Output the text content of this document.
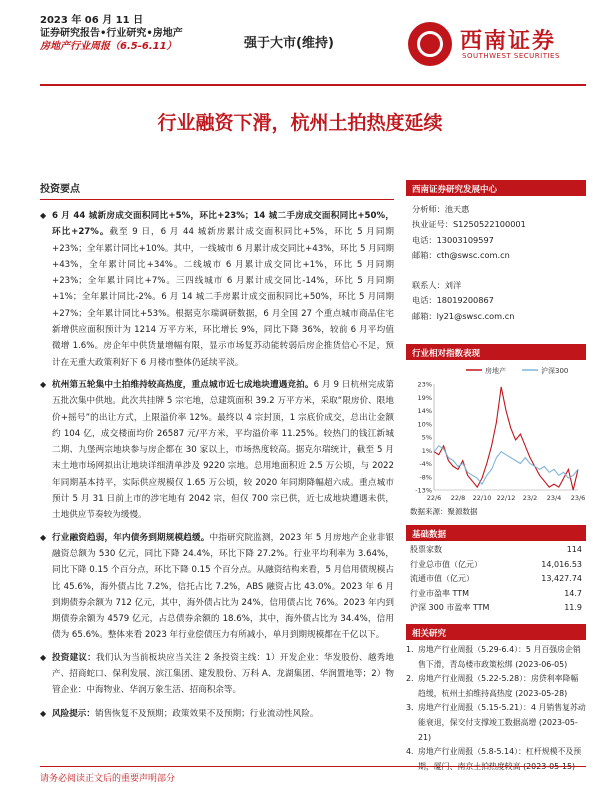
2023 年 06 月 11 日
证券研究报告•行业研究•房地产
房地产行业周报（6.5-6.11）	强于大市(维持)	西南证券
SOUTHWEST SECURITIES
行业融资下滑，杭州土拍热度延续
投资要点
◆ 6 月 44 城新房成交面积同比+5%，环比+23%；14 城二手房成交面积同比+50%，环比+27%。截至 9 日，6 月 44 城新房累计成交面积同比+5%，环比 5 月同期+23%；全年累计同比+10%。其中，一线城市 6 月累计成交同比+43%，环比 5 月同期+43%，全年累计同比+34%。二线城市 6 月累计成交同比+1%，环比 5 月同期+23%；全年累计同比+7%。三四线城市 6 月累计成交同比-14%，环比 5 月同期+1%；全年累计同比-2%。6 月 14 城二手房累计成交面积同比+50%，环比 5 月同期+27%；全年累计同比+53%。根据克尔瑞调研数据，6 月全国 27 个重点城市商品住宅新增供应面积预计为 1214 万平方米，环比增长 9%，同比下降 36%，较前 6 月平均值微增 1.6%。房企年中供货量增幅有限，显示市场复苏动能转弱后房企推货信心不足，预计在无重大政策利好下 6 月楼市整体仍延续平淡。
◆ 杭州第五轮集中土拍维持较高热度，重点城市近七成地块遭遇竞拍。6 月 9 日杭州完成第五批次集中供地。此次共挂牌 5 宗宅地，总建筑面积 39.2 万平方米，采取“限房价、限地价+摇号”的出让方式，上限溢价率 12%。最终以 4 宗封顶，1 宗底价成交，总出让金额约 104 亿，成交楼面均价 26587 元/平方米，平均溢价率 11.25%。较热门的钱江新城二期、九堡两宗地块参与房企都在 30 家以上，市场热度较高。据克尔瑞统计，截至 5 月末土地市场网拟出让地块详细清单涉及 9220 宗地。总用地面积近 2.5 万公顷，与 2022 年同期基本持平，实际供应规模仅 1.65 万公顷，较 2020 年同期降幅超六成。重点城市预计 5 月 31 日前上市的涉宅地有 2042 宗，但仅 700 宗已供，近七成地块遭遇未供，土地供应节奏较为缓慢。
◆ 行业融资趋弱，年内债务到期规模趋缓。中指研究院监测，2023 年 5 月房地产企业非银融资总额为 530 亿元，同比下降 24.4%，环比下降 27.2%。行业平均利率为 3.64%，同比下降 0.15 个百分点，环比下降 0.15 个百分点。从融资结构来看，5 月信用债规模占比 45.6%，海外债占比 7.2%，信托占比 7.2%，ABS 融资占比 43.0%。2023 年 6 月到期债券余额为 712 亿元，其中，海外债占比为 24%，信用债占比 76%。2023 年内到期债券余额为 4579 亿元，占总债券余额的 18.6%，其中，海外债占比为 34.4%，信用债为 65.6%。整体来看 2023 年行业偿债压力有所减小，单月到期规模都在千亿以下。
◆ 投资建议：我们认为当前板块应当关注 2 条投资主线：1）开发企业：华发股份、越秀地产、招商蛇口、保利发展、滨江集团、建发股份、万科 A、龙湖集团、华润置地等；2）物管企业：中海物业、华润万象生活、招商积余等。
◆ 风险提示：销售恢复不及预期；政策效果不及预期；行业流动性风险。
西南证券研究发展中心
分析师：池天惠
执业证号：S1250522100001
电话：13003109597
邮箱：cth@swsc.com.cn
联系人：刘洋
电话：18019200867
邮箱：ly21@swsc.com.cn
行业相对指数表现
房地产	沪深300
-13%
-8%
-4%
1%
5%
10%
14%
19%
23%
22/6 22/8 22/10 22/12 23/2 23/4 23/6
数据来源：聚源数据
基础数据
股票家数	114
行业总市值（亿元）	14,016.53
流通市值（亿元）	13,427.74
行业市盈率 TTM	14.7
沪深 300 市盈率 TTM	11.9
相关研究
1. 房地产行业周报（5.29-6.4）：5 月百强房企销售下滑，青岛楼市政策松绑 (2023-06-05)
2. 房地产行业周报（5.22-5.28）：房贷利率降幅趋缓，杭州土拍维持高热度 (2023-05-28)
3. 房地产行业周报（5.15-5.21）：4 月销售复苏动能衰退，保交付支撑竣工数据高增 (2023-05-21)
4. 房地产行业周报（5.8-5.14）：杠杆规模不及预
请务必阅读正文后的重要声明部分
